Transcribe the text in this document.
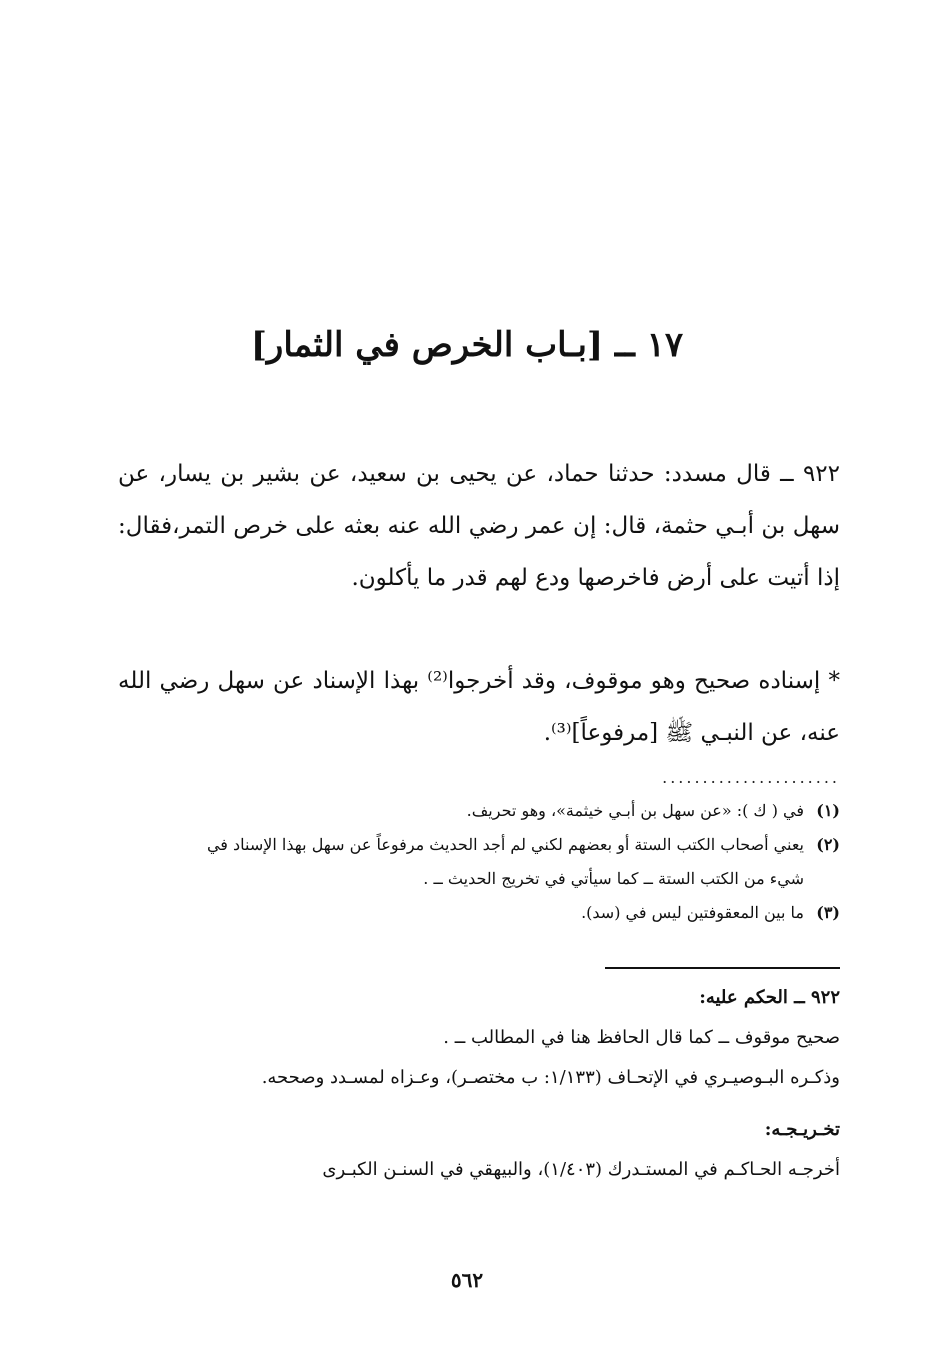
١٧ ــ [بـاب الخرص في الثمار]

٩٢٢ ــ قال مسدد: حدثنا حماد، عن يحيى بن سعيد، عن بشير بن يسار، عن سهل بن أبـي حثمة، قال: إن عمر رضي الله عنه بعثه على خرص التمر،فقال: إذا أتيت على أرض فاخرصها ودع لهم قدر ما يأكلون.

* إسناده صحيح وهو موقوف، وقد أخرجوا⁽²⁾ بهذا الإسناد عن سهل رضي الله عنه، عن النبـي ﷺ [مرفوعاً]⁽³⁾.

......................
(١)
في ( ك ): «عن سهل بن أبـي خيثمة»، وهو تحريف.
(٢)
يعني أصحاب الكتب الستة أو بعضهم لكني لم أجد الحديث مرفوعاً عن سهل بهذا الإسناد في
شيء من الكتب الستة ــ كما سيأتي في تخريج الحديث ــ .
(٣)
ما بين المعقوفتين ليس في (سد).

٩٢٢ ــ الحكم عليه:

صحيح موقوف ــ كما قال الحافظ هنا في المطالب ــ .

وذكـره البـوصيـري في الإتحـاف (١/١٣٣: ب مختصـر)، وعـزاه لمسـدد وصححه.

تخـريـجـه:

أخرجـه الحـاكـم في المستـدرك (١/٤٠٣)، والبيهقي في السنـن الكبـرى

٥٦٢
